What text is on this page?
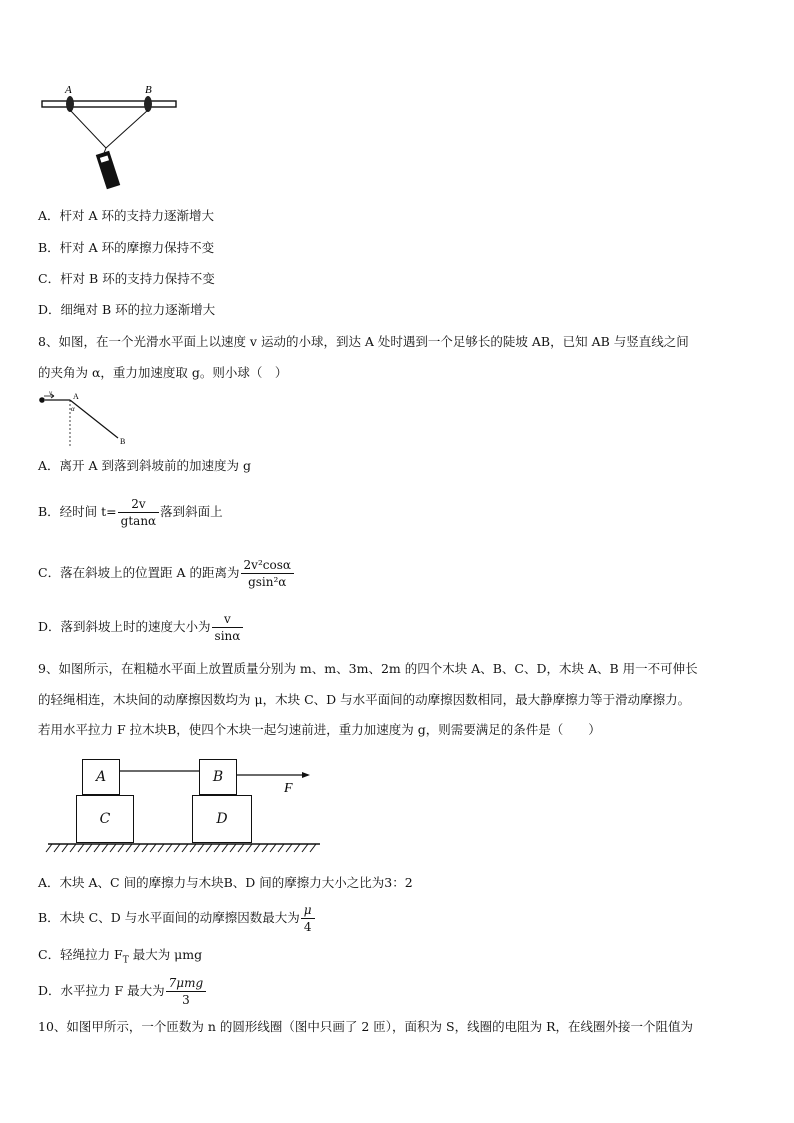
A	B
A．杆对 A 环的支持力逐渐增大
B．杆对 A 环的摩擦力保持不变
C．杆对 B 环的支持力保持不变
D．细绳对 B 环的拉力逐渐增大
8、如图，在一个光滑水平面上以速度 v 运动的小球，到达 A 处时遇到一个足够长的陡坡 AB，已知 AB 与竖直线之间
的夹角为 α，重力加速度取 g。则小球（　）
v	A
α
B
A．离开 A 到落到斜坡前的加速度为 g
B．经时间 $t= \frac{2v}{gtan\alpha}$ 落到斜面上
C．落在斜坡上的位置距 A 的距离为 $\frac{\text{2v²cosα}}{\text{gsin²α}}$
D．落到斜坡上时的速度大小为 $\frac{v}{\sin\alpha}$
9、如图所示，在粗糙水平面上放置质量分别为 m、m、3m、2m 的四个木块 A、B、C、D，木块 A、B 用一不可伸长
的轻绳相连，木块间的动摩擦因数均为 μ，木块 C、D 与水平面间的动摩擦因数相同，最大静摩擦力等于滑动摩擦力。
若用水平拉力 F 拉木块B，使四个木块一起匀速前进，重力加速度为 g，则需要满足的条件是（　　）
A
C
B
D
F
A．木块 A、C 间的摩擦力与木块B、D 间的摩擦力大小之比为3：2
B．木块 C、D 与水平面间的动摩擦因数最大为 $\frac{\mu}{4}$
C．轻绳拉力 $F_T$ 最大为 μmg
D．水平拉力 F 最大为 $\frac{\text{7μmg}}{3}$
10、如图甲所示，一个匝数为 n 的圆形线圈（图中只画了 2 匝），面积为 S，线圈的电阻为 R，在线圈外接一个阻值为
